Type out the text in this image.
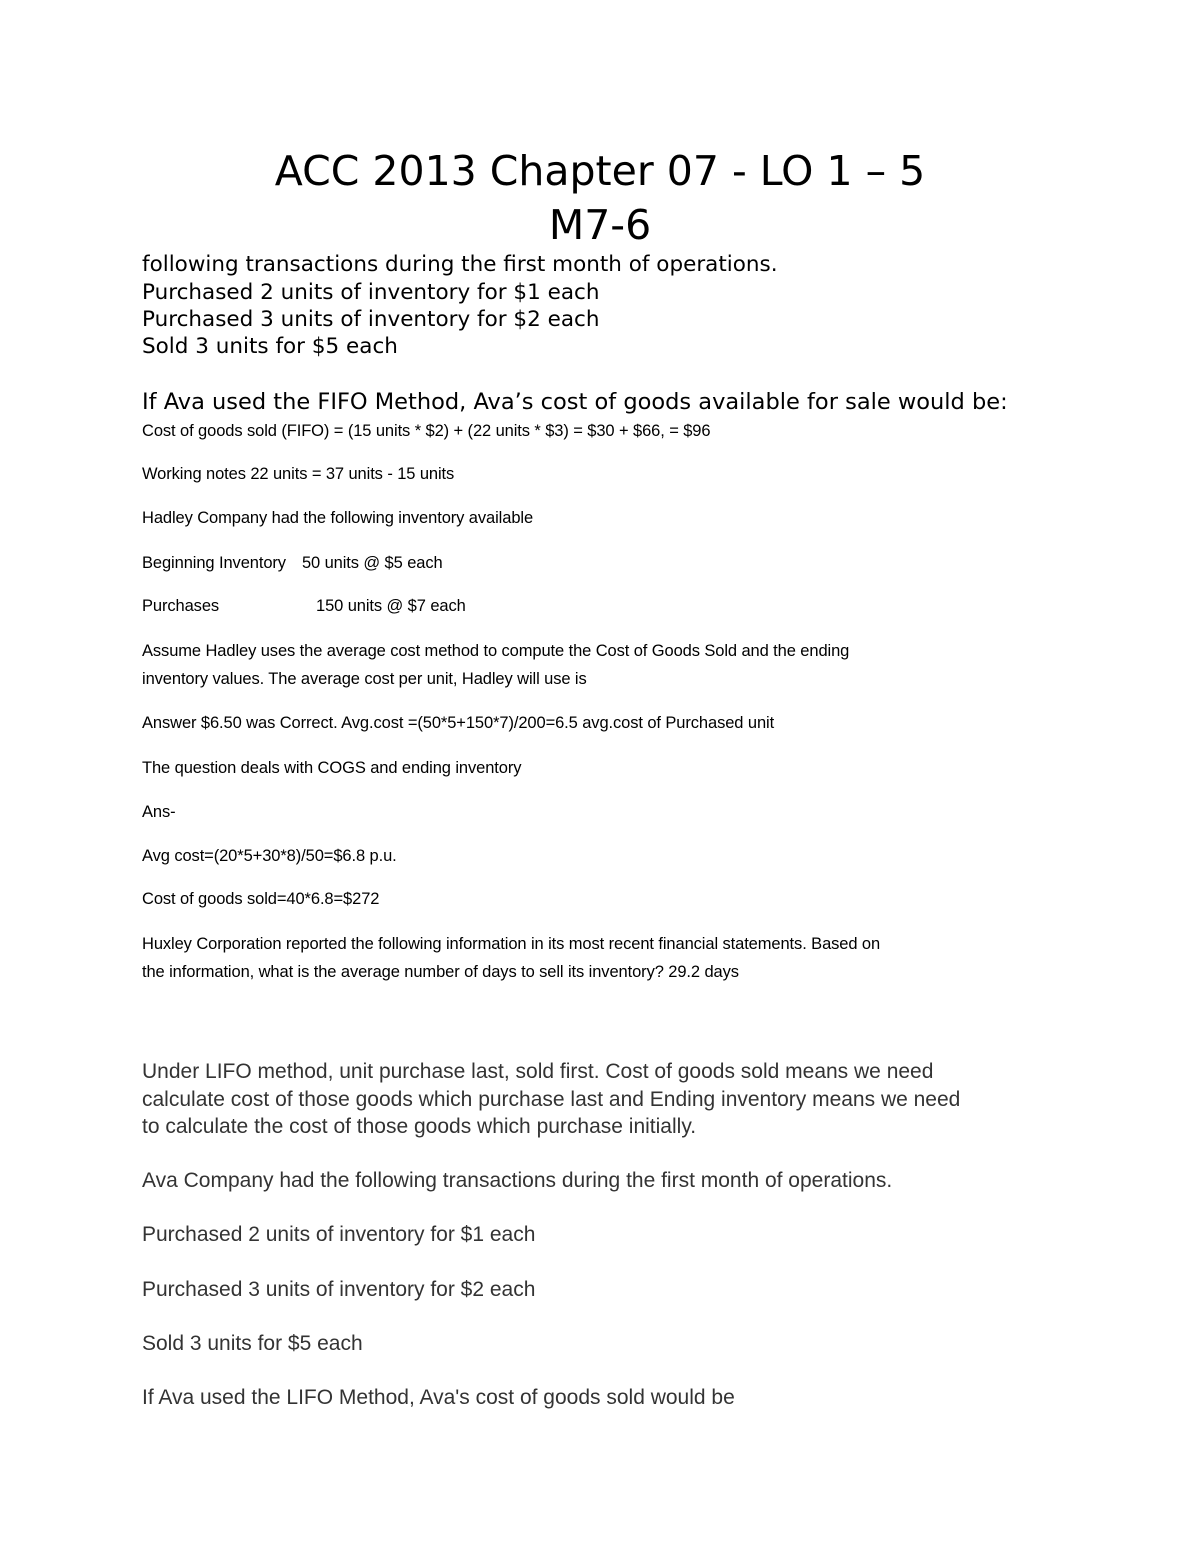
ACC 2013 Chapter 07 - LO 1 – 5
M7-6
following transactions during the first month of operations.
Purchased 2 units of inventory for $1 each
Purchased 3 units of inventory for $2 each
Sold 3 units for $5 each
If Ava used the FIFO Method, Ava’s cost of goods available for sale would be:
Cost of goods sold (FIFO) = (15 units * $2) + (22 units * $3) = $30 + $66, = $96
Working notes 22 units = 37 units - 15 units
Hadley Company had the following inventory available
Beginning Inventory 50 units @ $5 each
Purchases	150 units @ $7 each
Assume Hadley uses the average cost method to compute the Cost of Goods Sold and the ending
inventory values. The average cost per unit, Hadley will use is
Answer $6.50 was Correct. Avg.cost =(50*5+150*7)/200=6.5 avg.cost of Purchased unit
The question deals with COGS and ending inventory
Ans-
Avg cost=(20*5+30*8)/50=$6.8 p.u.
Cost of goods sold=40*6.8=$272
Huxley Corporation reported the following information in its most recent financial statements. Based on
the information, what is the average number of days to sell its inventory? 29.2 days
Under LIFO method, unit purchase last, sold first. Cost of goods sold means we need
calculate cost of those goods which purchase last and Ending inventory means we need
to calculate the cost of those goods which purchase initially.
Ava Company had the following transactions during the first month of operations.
Purchased 2 units of inventory for $1 each
Purchased 3 units of inventory for $2 each
Sold 3 units for $5 each
If Ava used the LIFO Method, Ava's cost of goods sold would be
